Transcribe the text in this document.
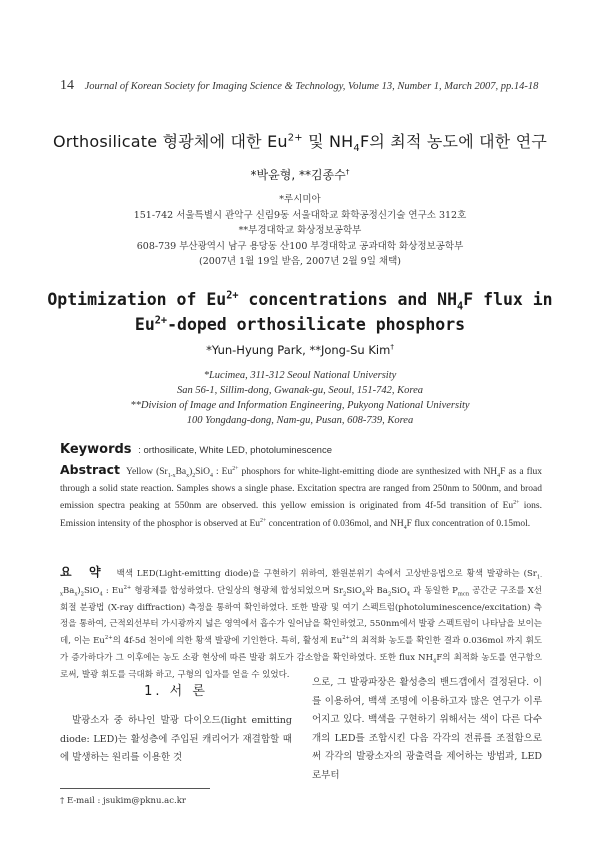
14 Journal of Korean Society for Imaging Science & Technology, Volume 13, Number 1, March 2007, pp.14-18
Orthosilicate 형광체에 대한 $Eu^{2+}$ 및 $NH_4F$의 최적 농도에 대한 연구
*박윤형, **김종수†
*루시미아
151-742 서울특별시 관악구 신림9동 서울대학교 화학공정신기술 연구소 312호
**부경대학교 화상정보공학부
608-739 부산광역시 남구 용당동 산100 부경대학교 공과대학 화상정보공학부
(2007년 1월 19일 받음, 2007년 2월 9일 채택)
Optimization of $Eu^{2+}$ concentrations and $NH_4F$ flux in
$Eu^{2+}$-doped orthosilicate phosphors
*Yun-Hyung Park, **Jong-Su Kim†
*Lucimea, 311-312 Seoul National University
San 56-1, Sillim-dong, Gwanak-gu, Seoul, 151-742, Korea
**Division of Image and Information Engineering, Pukyong National University
100 Yongdang-dong, Nam-gu, Pusan, 608-739, Korea
Keywords : orthosilicate, White LED, photoluminescence
Abstract Yellow $(Sr_{1-x}Ba_x)_2SiO_4$ : $Eu^{2+}$ phosphors for white-light-emitting diode are synthesized with $NH_4F$ as a flux through a solid state reaction. Samples shows a single phase. Excitation spectra are ranged from 250nm to 500nm, and broad emission spectra peaking at 550nm are observed. this yellow emission is originated from 4f-5d transition of $Eu^{2+}$ ions. Emission intensity of the phosphor is observed at $Eu^{2+}$ concentration of 0.036mol, and $NH_4F$ flux concentration of 0.15mol.
요 약 백색 LED(Light-emitting diode)을 구현하기 위하여, 환원분위기 속에서 고상반응법으로 황색 발광하는 $(Sr_{1-x}Ba_x)_2SiO_4$ : $Eu^{2+}$ 형광체를 합성하였다. 단일상의 형광체 합성되었으며 $Sr_2SiO_4$와 $Ba_2SiO_4$ 과 동일한 $P_{mcn}$ 공간군 구조를 X선 회절 분광법 (X-ray diffraction) 측정을 통하여 확인하였다. 또한 발광 및 여기 스펙트럼(photoluminescence/excitation) 측정을 통하여, 근적외선부터 가시광까지 넓은 영역에서 흡수가 일어남을 확인하였고, 550nm에서 발광 스펙트럼이 나타남을 보이는데, 이는 $Eu^{2+}$의 4f-5d 천이에 의한 황색 발광에 기인한다. 특히, 활성제 $Eu^{2+}$의 최적화 농도를 확인한 결과 0.036mol 까지 휘도가 증가하다가 그 이후에는 농도 소광 현상에 따른 발광 휘도가 감소함을 확인하였다. 또한 flux $NH_4F$의 최적화 농도를 연구함으로써, 발광 휘도를 극대화 하고, 구형의 입자를 얻을 수 있었다.
1. 서 론

발광소자 중 하나인 발광 다이오드(light emitting diode: LED)는 활성층에 주입된 캐리어가 재결합할 때에 발생하는 원리를 이용한 것

† E-mail : jsukim@pknu.ac.kr

으로, 그 발광파장은 활성층의 밴드갭에서 결정된다. 이를 이용하여, 백색 조명에 이용하고자 많은 연구가 이루어지고 있다. 백색을 구현하기 위해서는 색이 다른 다수개의 LED를 조합시킨 다음 각각의 전류를 조절함으로써 각각의 발광소자의 광출력을 제어하는 방법과, LED로부터
